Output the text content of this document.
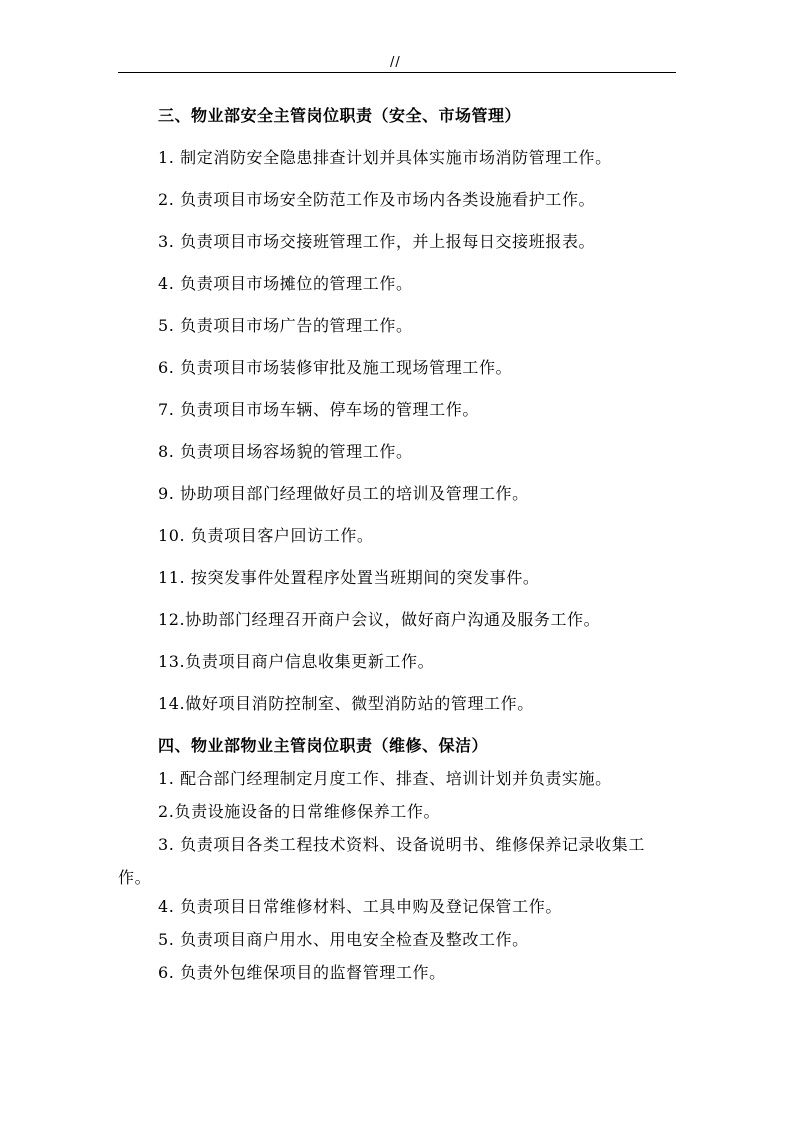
//
三、物业部安全主管岗位职责（安全、市场管理）
1. 制定消防安全隐患排查计划并具体实施市场消防管理工作。
2. 负责项目市场安全防范工作及市场内各类设施看护工作。
3. 负责项目市场交接班管理工作，并上报每日交接班报表。
4. 负责项目市场摊位的管理工作。
5. 负责项目市场广告的管理工作。
6. 负责项目市场装修审批及施工现场管理工作。
7. 负责项目市场车辆、停车场的管理工作。
8. 负责项目场容场貌的管理工作。
9. 协助项目部门经理做好员工的培训及管理工作。
10. 负责项目客户回访工作。
11. 按突发事件处置程序处置当班期间的突发事件。
12.协助部门经理召开商户会议，做好商户沟通及服务工作。
13.负责项目商户信息收集更新工作。
14.做好项目消防控制室、微型消防站的管理工作。
四、物业部物业主管岗位职责（维修、保洁）
1. 配合部门经理制定月度工作、排查、培训计划并负责实施。
2.负责设施设备的日常维修保养工作。
3. 负责项目各类工程技术资料、设备说明书、维修保养记录收集工作。
4. 负责项目日常维修材料、工具申购及登记保管工作。
5. 负责项目商户用水、用电安全检查及整改工作。
6. 负责外包维保项目的监督管理工作。
